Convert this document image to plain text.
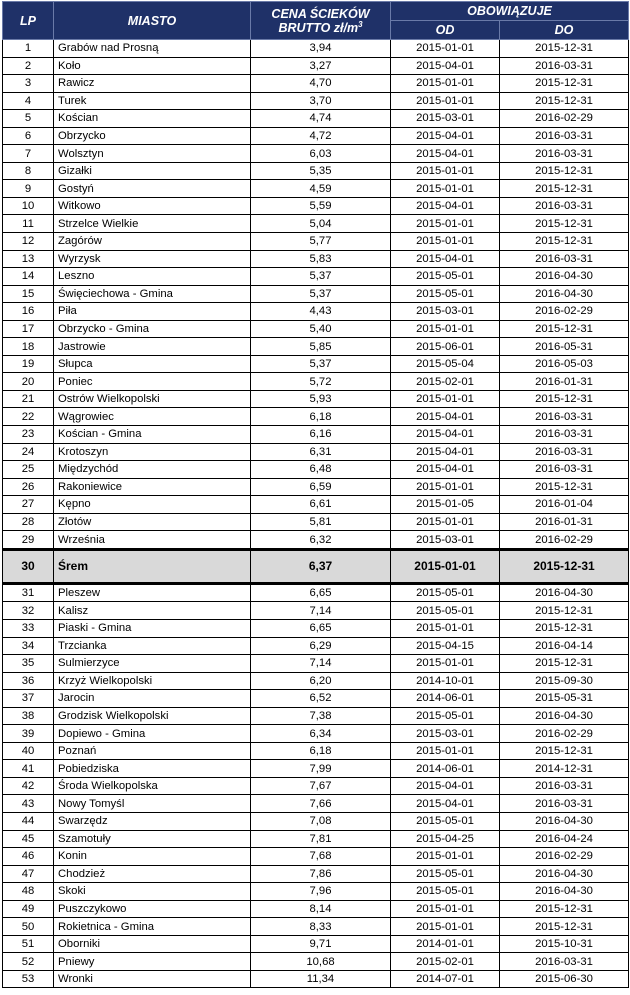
LP	MIASTO	CENA ŚCIEKÓW
BRUTTO $zł/m^3$	OBOWIĄZUJE	
			OD	DO
1	Grabów nad Prosną	3,94	2015-01-01	2015-12-31
2	Koło	3,27	2015-04-01	2016-03-31
3	Rawicz	4,70	2015-01-01	2015-12-31
4	Turek	3,70	2015-01-01	2015-12-31
5	Kościan	4,74	2015-03-01	2016-02-29
6	Obrzycko	4,72	2015-04-01	2016-03-31
7	Wolsztyn	6,03	2015-04-01	2016-03-31
8	Gizałki	5,35	2015-01-01	2015-12-31
9	Gostyń	4,59	2015-01-01	2015-12-31
10	Witkowo	5,59	2015-04-01	2016-03-31
11	Strzelce Wielkie	5,04	2015-01-01	2015-12-31
12	Zagórów	5,77	2015-01-01	2015-12-31
13	Wyrzysk	5,83	2015-04-01	2016-03-31
14	Leszno	5,37	2015-05-01	2016-04-30
15	Święciechowa - Gmina	5,37	2015-05-01	2016-04-30
16	Piła	4,43	2015-03-01	2016-02-29
17	Obrzycko - Gmina	5,40	2015-01-01	2015-12-31
18	Jastrowie	5,85	2015-06-01	2016-05-31
19	Słupca	5,37	2015-05-04	2016-05-03
20	Poniec	5,72	2015-02-01	2016-01-31
21	Ostrów Wielkopolski	5,93	2015-01-01	2015-12-31
22	Wągrowiec	6,18	2015-04-01	2016-03-31
23	Kościan - Gmina	6,16	2015-04-01	2016-03-31
24	Krotoszyn	6,31	2015-04-01	2016-03-31
25	Międzychód	6,48	2015-04-01	2016-03-31
26	Rakoniewice	6,59	2015-01-01	2015-12-31
27	Kępno	6,61	2015-01-05	2016-01-04
28	Złotów	5,81	2015-01-01	2016-01-31
29	Września	6,32	2015-03-01	2016-02-29
30	Śrem	6,37	2015-01-01	2015-12-31
31	Pleszew	6,65	2015-05-01	2016-04-30
32	Kalisz	7,14	2015-05-01	2015-12-31
33	Piaski - Gmina	6,65	2015-01-01	2015-12-31
34	Trzcianka	6,29	2015-04-15	2016-04-14
35	Sulmierzyce	7,14	2015-01-01	2015-12-31
36	Krzyż Wielkopolski	6,20	2014-10-01	2015-09-30
37	Jarocin	6,52	2014-06-01	2015-05-31
38	Grodzisk Wielkopolski	7,38	2015-05-01	2016-04-30
39	Dopiewo - Gmina	6,34	2015-03-01	2016-02-29
40	Poznań	6,18	2015-01-01	2015-12-31
41	Pobiedziska	7,99	2014-06-01	2014-12-31
42	Środa Wielkopolska	7,67	2015-04-01	2016-03-31
43	Nowy Tomyśl	7,66	2015-04-01	2016-03-31
44	Swarzędz	7,08	2015-05-01	2016-04-30
45	Szamotuły	7,81	2015-04-25	2016-04-24
46	Konin	7,68	2015-01-01	2016-02-29
47	Chodzież	7,86	2015-05-01	2016-04-30
48	Skoki	7,96	2015-05-01	2016-04-30
49	Puszczykowo	8,14	2015-01-01	2015-12-31
50	Rokietnica - Gmina	8,33	2015-01-01	2015-12-31
51	Oborniki	9,71	2014-01-01	2015-10-31
52	Pniewy	10,68	2015-02-01	2016-03-31
53	Wronki	11,34	2014-07-01	2015-06-30
